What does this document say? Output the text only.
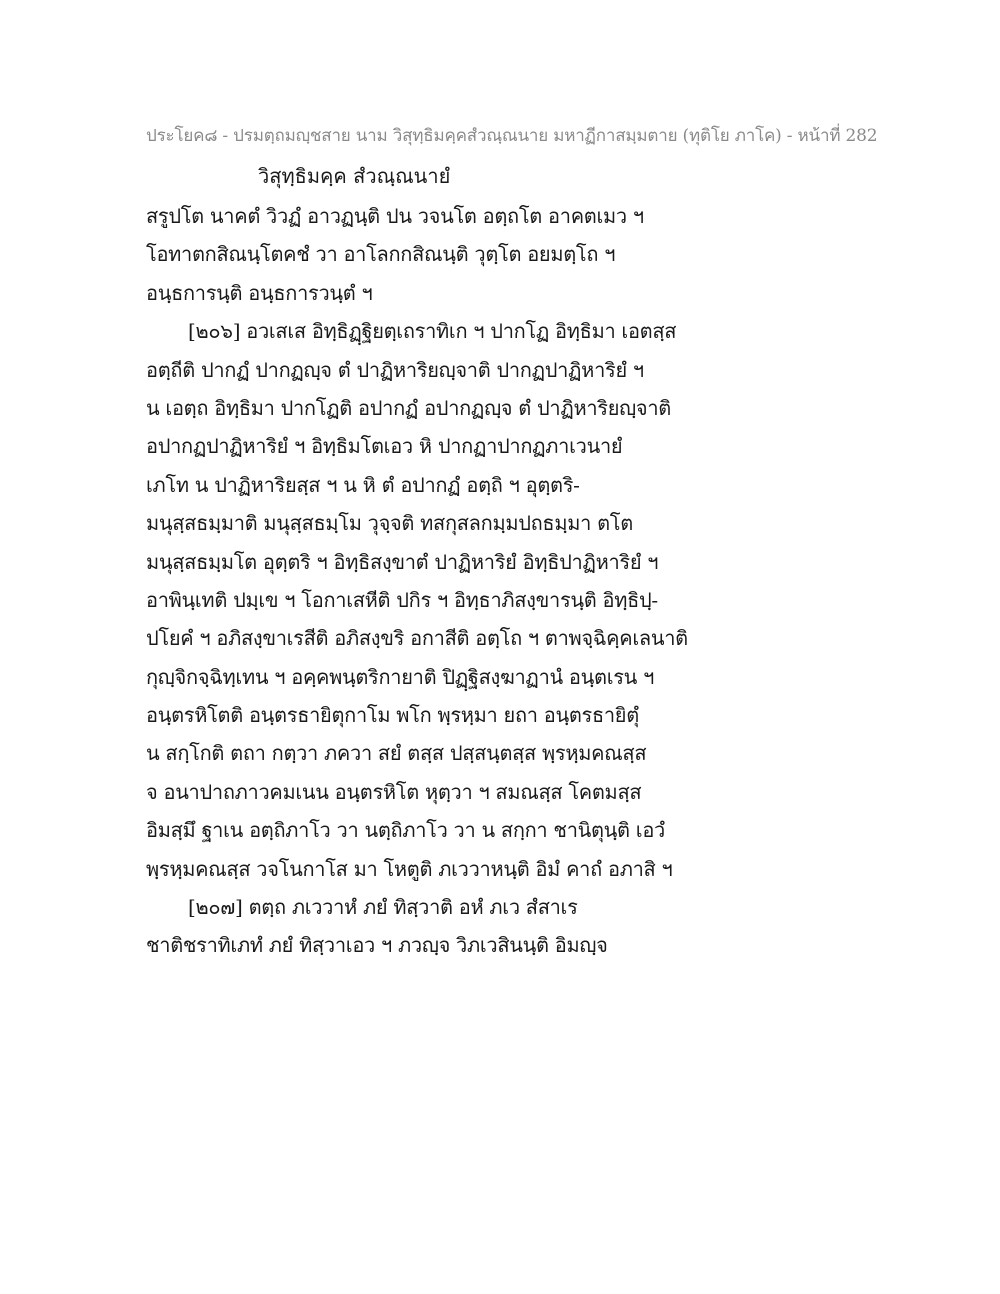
ประโยค๘ - ปรมตฺถมญฺชสาย นาม วิสุทฺธิมคฺคสํวณฺณนาย มหาฏีกาสมฺมตาย (ทุติโย ภาโค) - หน้าที่ 282
วิสุทฺธิมคฺค สํวณฺณนายํ
สรูปโต นาคตํ วิวฏํ อาวฏนฺติ ปน วจนโต อตฺถโต อาคตเมว ฯ
โอทาตกสิณนฺโตคชํ วา อาโลกกสิณนฺติ วุตฺโต อยมตฺโถ ฯ
อนฺธการนฺติ อนฺธการวนฺตํ ฯ
[๒๐๖] อวเสเส อิทฺธิฏฺฐิยตฺเถราทิเก ฯ ปากโฏ อิทฺธิมา เอตสฺส
อตฺถีติ ปากฏํ ปากฏญฺจ ตํ ปาฏิหาริยญฺจาติ ปากฏปาฏิหาริยํ ฯ
น เอตฺถ อิทฺธิมา ปากโฏติ อปากฏํ อปากฏญฺจ ตํ ปาฏิหาริยญฺจาติ
อปากฏปาฏิหาริยํ ฯ อิทฺธิมโตเอว หิ ปากฏาปากฏภาเวนายํ
เภโท น ปาฏิหาริยสฺส ฯ น หิ ตํ อปากฏํ อตฺถิ ฯ อุตฺตริ-
มนุสฺสธมฺมาติ มนุสฺสธมฺโม วุจฺจติ ทสกุสลกมฺมปถธมฺมา ตโต
มนุสฺสธมฺมโต อุตฺตริ ฯ อิทฺธิสงฺขาตํ ปาฏิหาริยํ อิทฺธิปาฏิหาริยํ ฯ
อาพินฺเทติ ปมฺเข ฯ โอกาเสหีติ ปกิร ฯ อิทฺธาภิสงฺขารนฺติ อิทฺธิปฺ-
ปโยคํ ฯ อภิสงฺขาเรสีติ อภิสงฺขริ อกาสีติ อตฺโถ ฯ ตาพจฺฉิคฺคเลนาติ
กุญฺจิกจฺฉิทฺเทน ฯ อคฺคพนฺตริกายาติ ปิฏฺฐิสงฺฆาฏานํ อนฺตเรน ฯ
อนฺตรหิโตติ อนฺตรธายิตุกาโม พโก พฺรหฺมา ยถา อนฺตรธายิตุํ
น สกฺโกติ ตถา กตฺวา ภควา สยํ ตสฺส ปสฺสนฺตสฺส พฺรหฺมคณสฺส
จ อนาปาถภาวคมเนน อนฺตรหิโต หุตฺวา ฯ สมณสฺส โคตมสฺส
อิมสฺมึ ฐาเน อตฺถิภาโว วา นตฺถิภาโว วา น สกฺกา ชานิตุนฺติ เอวํ
พฺรหฺมคณสฺส วจโนกาโส มา โหตูติ ภเววาหนฺติ อิมํ คาถํ อภาสิ ฯ
[๒๐๗] ตตฺถ ภเววาหํ ภยํ ทิสฺวาติ อหํ ภเว สํสาเร
ชาติชราทิเภทํ ภยํ ทิสฺวาเอว ฯ ภวญฺจ วิภเวสินนฺติ อิมญฺจ
